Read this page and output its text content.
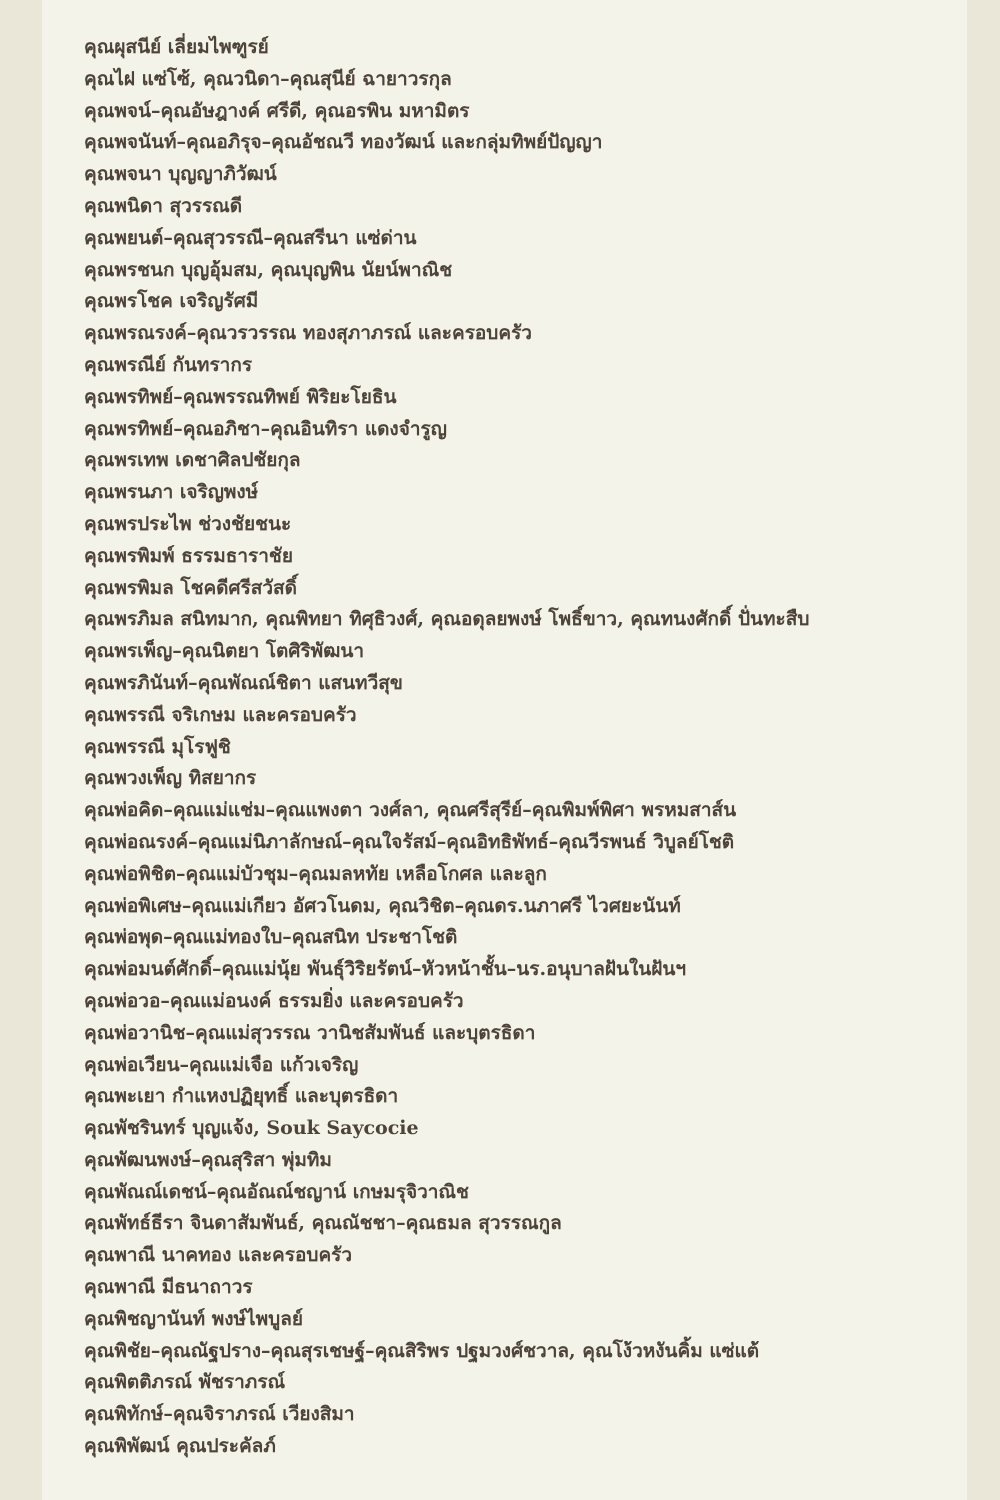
คุณผุสนีย์ เลี่ยมไพฑูรย์
คุณไฝ แซ่โซ้, คุณวนิดา–คุณสุนีย์ ฉายาวรกุล
คุณพจน์–คุณอัษฎางค์ ศรีดี, คุณอรพิน มหามิตร
คุณพจนันท์–คุณอภิรุจ–คุณอัชณวี ทองวัฒน์ และกลุ่มทิพย์ปัญญา
คุณพจนา บุญญาภิวัฒน์
คุณพนิดา สุวรรณดี
คุณพยนต์–คุณสุวรรณี–คุณสรีนา แซ่ด่าน
คุณพรชนก บุญอุ้มสม, คุณบุญพิน นัยน์พาณิช
คุณพรโชค เจริญรัศมี
คุณพรณรงค์–คุณวรวรรณ ทองสุภาภรณ์ และครอบครัว
คุณพรณีย์ กันทรากร
คุณพรทิพย์–คุณพรรณทิพย์ พิริยะโยธิน
คุณพรทิพย์–คุณอภิชา–คุณอินทิรา แดงจำรูญ
คุณพรเทพ เดชาศิลปชัยกุล
คุณพรนภา เจริญพงษ์
คุณพรประไพ ช่วงชัยชนะ
คุณพรพิมพ์ ธรรมธาราชัย
คุณพรพิมล โชคดีศรีสวัสดิ์
คุณพรภิมล สนิทมาก, คุณพิทยา ทิศุธิวงศ์, คุณอดุลยพงษ์ โพธิ์ขาว, คุณทนงศักดิ์ ปั่นทะสืบ
คุณพรเพ็ญ–คุณนิตยา โตศิริพัฒนา
คุณพรภินันท์–คุณพัณณ์ชิตา แสนทวีสุข
คุณพรรณี จริเกษม และครอบครัว
คุณพรรณี มุโรฟูชิ
คุณพวงเพ็ญ ทิสยากร
คุณพ่อคิด–คุณแม่แช่ม–คุณแพงตา วงศ์ลา, คุณศรีสุรีย์–คุณพิมพ์พิศา พรหมสาส์น
คุณพ่อณรงค์–คุณแม่นิภาลักษณ์–คุณใจรัสม์–คุณอิทธิพัทธ์–คุณวีรพนธ์ วิบูลย์โชติ
คุณพ่อพิชิต–คุณแม่บัวชุม–คุณมลหทัย เหลือโกศล และลูก
คุณพ่อพิเศษ–คุณแม่เกียว อัศวโนดม, คุณวิชิต–คุณดร.นภาศรี ไวศยะนันท์
คุณพ่อพุด–คุณแม่ทองใบ–คุณสนิท ประชาโชติ
คุณพ่อมนต์ศักดิ์–คุณแม่นุ้ย พันธุ์วิริยรัตน์–หัวหน้าชั้น–นร.อนุบาลฝันในฝันฯ
คุณพ่อวอ–คุณแม่อนงค์ ธรรมยิ่ง และครอบครัว
คุณพ่อวานิช–คุณแม่สุวรรณ วานิชสัมพันธ์ และบุตรธิดา
คุณพ่อเวียน–คุณแม่เจือ แก้วเจริญ
คุณพะเยา กำแหงปฏิยุทธิ์ และบุตรธิดา
คุณพัชรินทร์ บุญแจ้ง, Souk Saycocie
คุณพัฒนพงษ์–คุณสุริสา พุ่มทิม
คุณพัณณ์เดชน์–คุณอัณณ์ชญาน์ เกษมรุจิวาณิช
คุณพัทธ์ธีรา จินดาสัมพันธ์, คุณณัชชา–คุณธมล สุวรรณกูล
คุณพาณี นาคทอง และครอบครัว
คุณพาณี มีธนาถาวร
คุณพิชญานันท์ พงษ์ไพบูลย์
คุณพิชัย–คุณณัฐปราง–คุณสุรเชษฐ์–คุณสิริพร ปฐมวงศ์ชวาล, คุณโง้วหงันคิ้ม แซ่แต้
คุณพิตติภรณ์ พัชราภรณ์
คุณพิทักษ์–คุณจิราภรณ์ เวียงสิมา
คุณพิพัฒน์ คุณประคัลภ์
